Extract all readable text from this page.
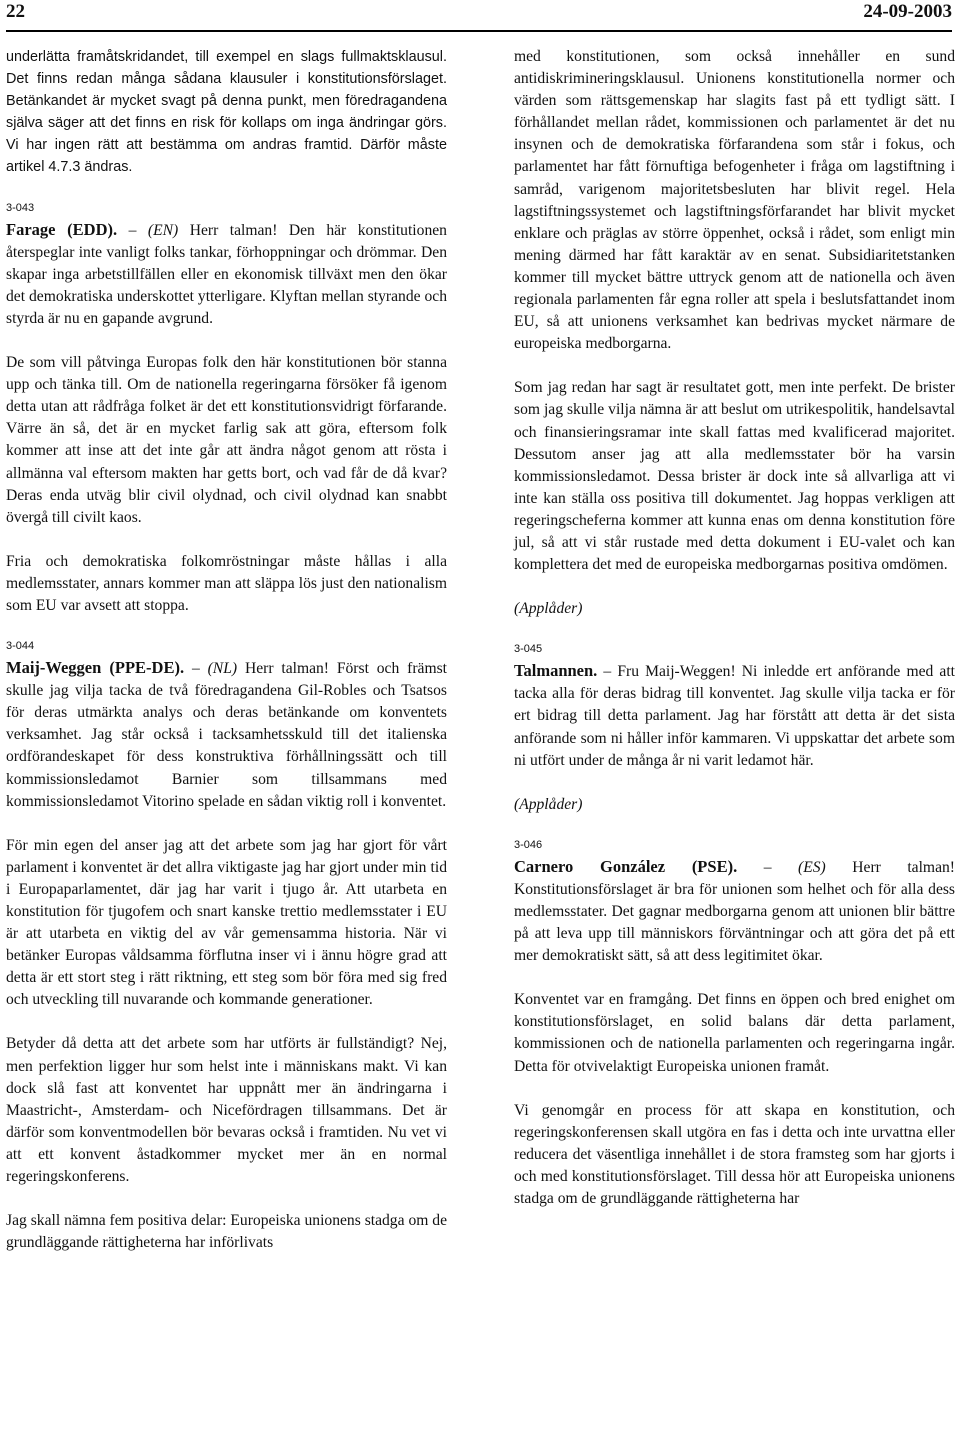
22	24-09-2003

underlätta framåtskridandet, till exempel en slags fullmaktsklausul. Det finns redan många sådana klausuler i konstitutionsförslaget. Betänkandet är mycket svagt på denna punkt, men föredragandena själva säger att det finns en risk för kollaps om inga ändringar görs. Vi har ingen rätt att bestämma om andras framtid. Därför måste artikel 4.7.3 ändras.

3-043

Farage (EDD). – (EN) Herr talman! Den här konstitutionen återspeglar inte vanligt folks tankar, förhoppningar och drömmar. Den skapar inga arbetstillfällen eller en ekonomisk tillväxt men den ökar det demokratiska underskottet ytterligare. Klyftan mellan styrande och styrda är nu en gapande avgrund.

De som vill påtvinga Europas folk den här konstitutionen bör stanna upp och tänka till. Om de nationella regeringarna försöker få igenom detta utan att rådfråga folket är det ett konstitutionsvidrigt förfarande. Värre än så, det är en mycket farlig sak att göra, eftersom folk kommer att inse att det inte går att ändra något genom att rösta i allmänna val eftersom makten har getts bort, och vad får de då kvar? Deras enda utväg blir civil olydnad, och civil olydnad kan snabbt övergå till civilt kaos.

Fria och demokratiska folkomröstningar måste hållas i alla medlemsstater, annars kommer man att släppa lös just den nationalism som EU var avsett att stoppa.

3-044

Maij-Weggen (PPE-DE). – (NL) Herr talman! Först och främst skulle jag vilja tacka de två föredragandena Gil-Robles och Tsatsos för deras utmärkta analys och deras betänkande om konventets verksamhet. Jag står också i tacksamhetsskuld till det italienska ordförandeskapet för dess konstruktiva förhållningssätt och till kommissionsledamot Barnier som tillsammans med kommissionsledamot Vitorino spelade en sådan viktig roll i konventet.

För min egen del anser jag att det arbete som jag har gjort för vårt parlament i konventet är det allra viktigaste jag har gjort under min tid i Europaparlamentet, där jag har varit i tjugo år. Att utarbeta en konstitution för tjugofem och snart kanske trettio medlemsstater i EU är att utarbeta en viktig del av vår gemensamma historia. När vi betänker Europas våldsamma förflutna inser vi i ännu högre grad att detta är ett stort steg i rätt riktning, ett steg som bör föra med sig fred och utveckling till nuvarande och kommande generationer.

Betyder då detta att det arbete som har utförts är fullständigt? Nej, men perfektion ligger hur som helst inte i människans makt. Vi kan dock slå fast att konventet har uppnått mer än ändringarna i Maastricht-, Amsterdam- och Nicefördragen tillsammans. Det är därför som konventmodellen bör bevaras också i framtiden. Nu vet vi att ett konvent åstadkommer mycket mer än en normal regeringskonferens.

Jag skall nämna fem positiva delar: Europeiska unionens stadga om de grundläggande rättigheterna har införlivats

med konstitutionen, som också innehåller en sund antidiskrimineringsklausul. Unionens konstitutionella normer och värden som rättsgemenskap har slagits fast på ett tydligt sätt. I förhållandet mellan rådet, kommissionen och parlamentet är det nu insynen och de demokratiska förfarandena som står i fokus, och parlamentet har fått förnuftiga befogenheter i fråga om lagstiftning i samråd, varigenom majoritetsbesluten har blivit regel. Hela lagstiftningssystemet och lagstiftningsförfarandet har blivit mycket enklare och präglas av större öppenhet, också i rådet, som enligt min mening därmed har fått karaktär av en senat. Subsidiaritetstanken kommer till mycket bättre uttryck genom att de nationella och även regionala parlamenten får egna roller att spela i beslutsfattandet inom EU, så att unionens verksamhet kan bedrivas mycket närmare de europeiska medborgarna.

Som jag redan har sagt är resultatet gott, men inte perfekt. De brister som jag skulle vilja nämna är att beslut om utrikespolitik, handelsavtal och finansieringsramar inte skall fattas med kvalificerad majoritet. Dessutom anser jag att alla medlemsstater bör ha varsin kommissionsledamot. Dessa brister är dock inte så allvarliga att vi inte kan ställa oss positiva till dokumentet. Jag hoppas verkligen att regeringscheferna kommer att kunna enas om denna konstitution före jul, så att vi står rustade med detta dokument i EU-valet och kan komplettera det med de europeiska medborgarnas positiva omdömen.

(Applåder)

3-045

Talmannen. – Fru Maij-Weggen! Ni inledde ert anförande med att tacka alla för deras bidrag till konventet. Jag skulle vilja tacka er för ert bidrag till detta parlament. Jag har förstått att detta är det sista anförande som ni håller inför kammaren. Vi uppskattar det arbete som ni utfört under de många år ni varit ledamot här.

(Applåder)

3-046

Carnero González (PSE). – (ES) Herr talman! Konstitutionsförslaget är bra för unionen som helhet och för alla dess medlemsstater. Det gagnar medborgarna genom att unionen blir bättre på att leva upp till människors förväntningar och att göra det på ett mer demokratiskt sätt, så att dess legitimitet ökar.

Konventet var en framgång. Det finns en öppen och bred enighet om konstitutionsförslaget, en solid balans där detta parlament, kommissionen och de nationella parlamenten och regeringarna ingår. Detta för otvivelaktigt Europeiska unionen framåt.

Vi genomgår en process för att skapa en konstitution, och regeringskonferensen skall utgöra en fas i detta och inte urvattna eller reducera det väsentliga innehållet i de stora framsteg som har gjorts i och med konstitutionsförslaget. Till dessa hör att Europeiska unionens stadga om de grundläggande rättigheterna har
